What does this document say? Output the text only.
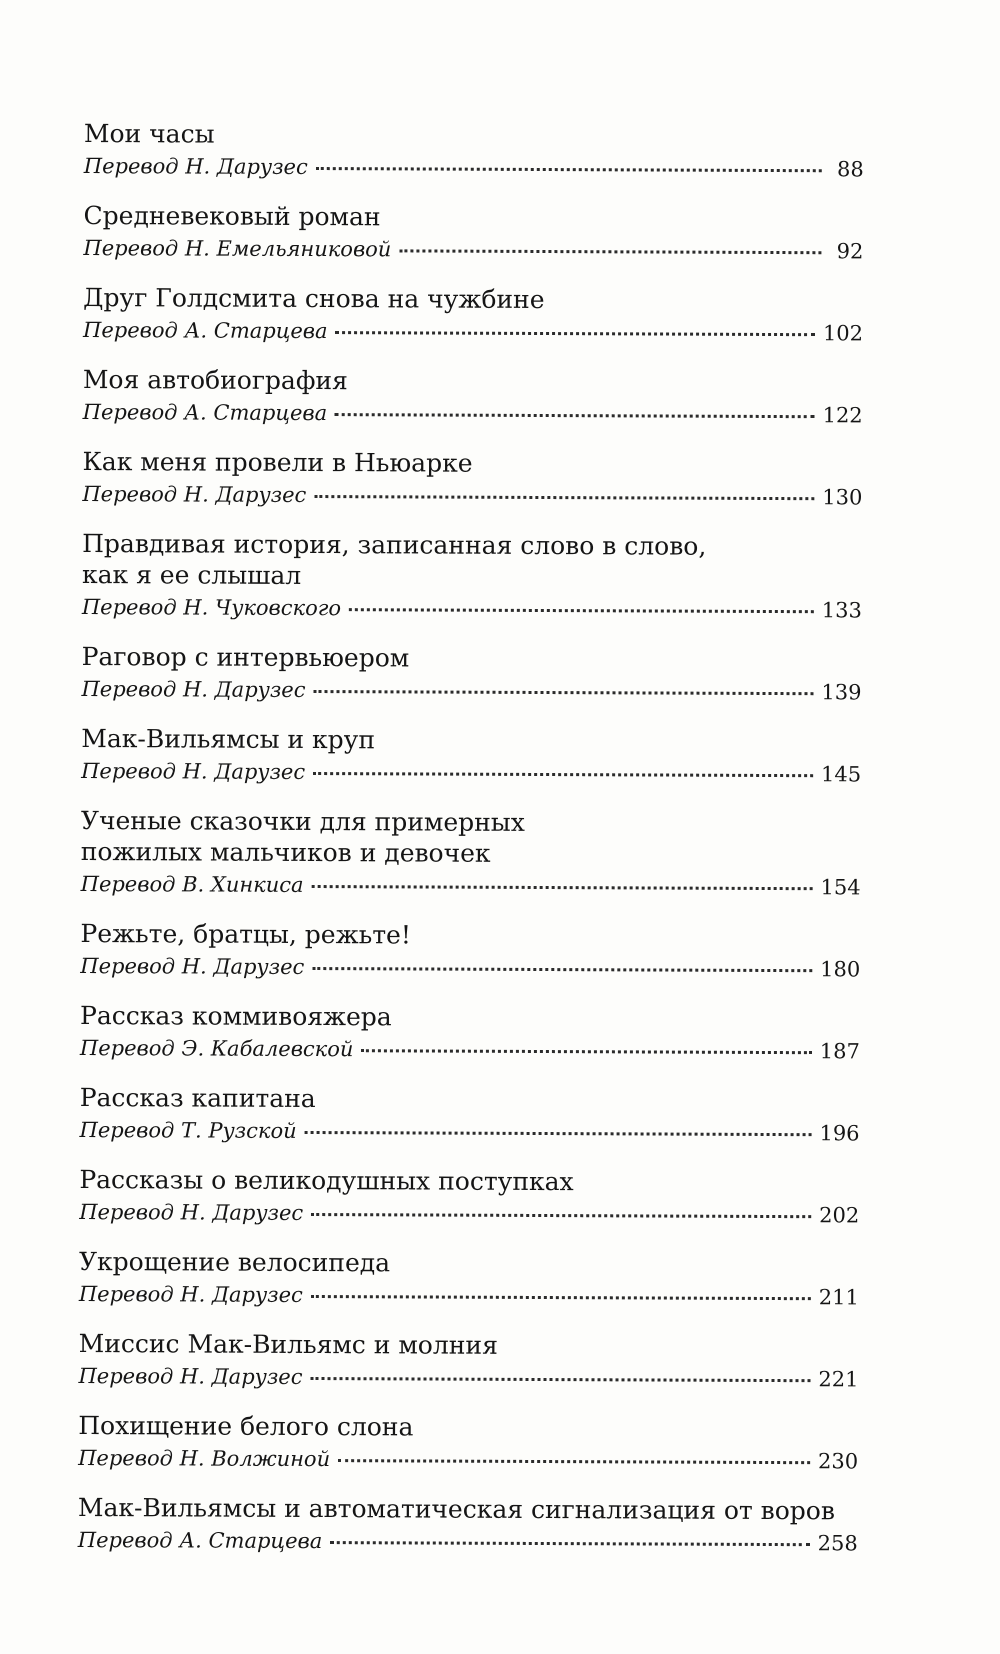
Мои часы
Перевод Н. Дарузес	88
Средневековый роман
Перевод Н. Емельяниковой	92
Друг Голдсмита снова на чужбине
Перевод А. Старцева	102
Моя автобиография
Перевод А. Старцева	122
Как меня провели в Ньюарке
Перевод Н. Дарузес	130
Правдивая история, записанная слово в слово,
как я ее слышал
Перевод Н. Чуковского	133
Раговор с интервьюером
Перевод Н. Дарузес	139
Мак-Вильямсы и круп
Перевод Н. Дарузес	145
Ученые сказочки для примерных
пожилых мальчиков и девочек
Перевод В. Хинкиса	154
Режьте, братцы, режьте!
Перевод Н. Дарузес	180
Рассказ коммивояжера
Перевод Э. Кабалевской	187
Рассказ капитана
Перевод Т. Рузской	196
Рассказы о великодушных поступках
Перевод Н. Дарузес	202
Укрощение велосипеда
Перевод Н. Дарузес	211
Миссис Мак-Вильямс и молния
Перевод Н. Дарузес	221
Похищение белого слона
Перевод Н. Волжиной	230
Мак-Вильямсы и автоматическая сигнализация от воров
Перевод А. Старцева	258
